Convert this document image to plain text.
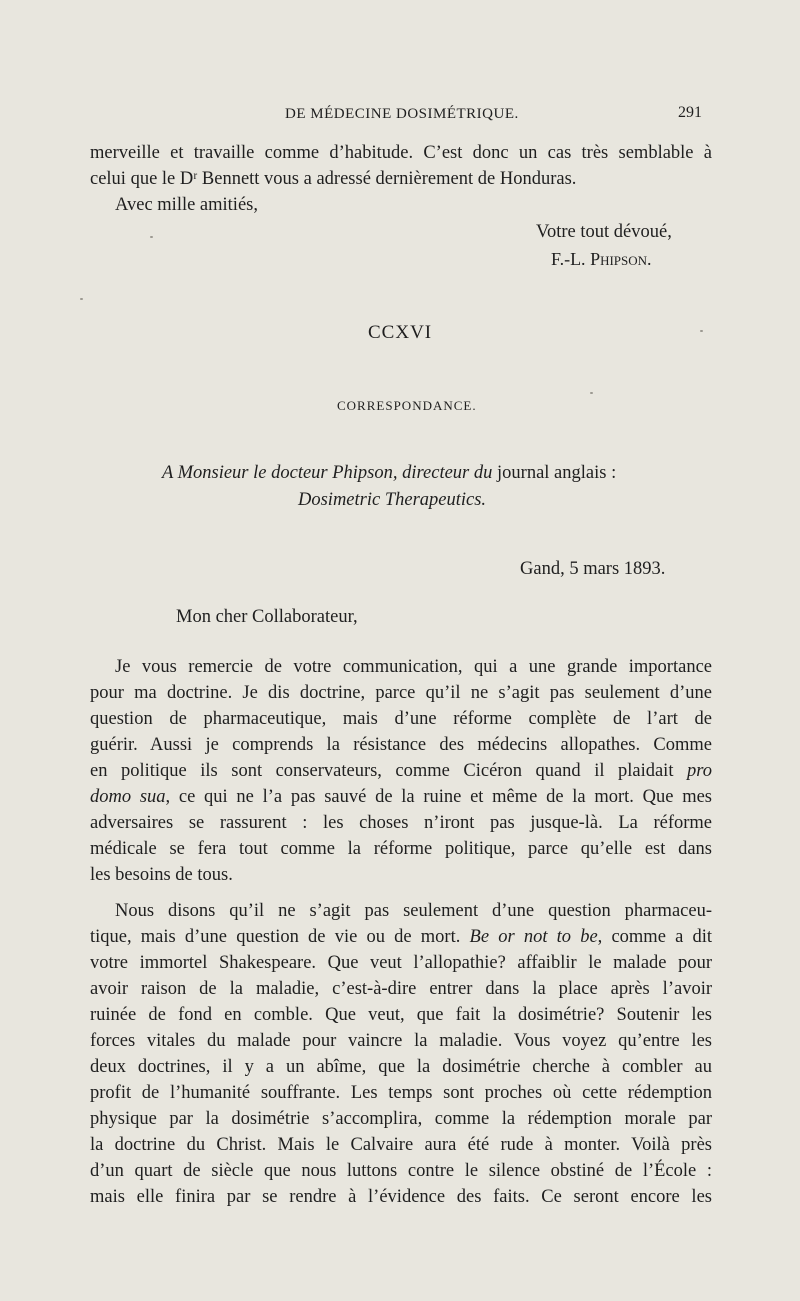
DE MÉDECINE DOSIMÉTRIQUE.	291
merveille et travaille comme d’habitude. C’est donc un cas très semblable à
celui que le Dʳ Bennett vous a adressé dernièrement de Honduras.
Avec mille amitiés,
Votre tout dévoué,
F.-L. Phipson.
CCXVI
CORRESPONDANCE.
A Monsieur le docteur Phipson, directeur du journal anglais :
Dosimetric Therapeutics.
Gand, 5 mars 1893.
Mon cher Collaborateur,
Je vous remercie de votre communication, qui a une grande importance
pour ma doctrine. Je dis doctrine, parce qu’il ne s’agit pas seulement d’une
question de pharmaceutique, mais d’une réforme complète de l’art de
guérir. Aussi je comprends la résistance des médecins allopathes. Comme
en politique ils sont conservateurs, comme Cicéron quand il plaidait pro
domo sua, ce qui ne l’a pas sauvé de la ruine et même de la mort. Que mes
adversaires se rassurent : les choses n’iront pas jusque-là. La réforme
médicale se fera tout comme la réforme politique, parce qu’elle est dans
les besoins de tous.
Nous disons qu’il ne s’agit pas seulement d’une question pharmaceu-
tique, mais d’une question de vie ou de mort. Be or not to be, comme a dit
votre immortel Shakespeare. Que veut l’allopathie? affaiblir le malade pour
avoir raison de la maladie, c’est-à-dire entrer dans la place après l’avoir
ruinée de fond en comble. Que veut, que fait la dosimétrie? Soutenir les
forces vitales du malade pour vaincre la maladie. Vous voyez qu’entre les
deux doctrines, il y a un abîme, que la dosimétrie cherche à combler au
profit de l’humanité souffrante. Les temps sont proches où cette rédemption
physique par la dosimétrie s’accomplira, comme la rédemption morale par
la doctrine du Christ. Mais le Calvaire aura été rude à monter. Voilà près
d’un quart de siècle que nous luttons contre le silence obstiné de l’École :
mais elle finira par se rendre à l’évidence des faits. Ce seront encore les
